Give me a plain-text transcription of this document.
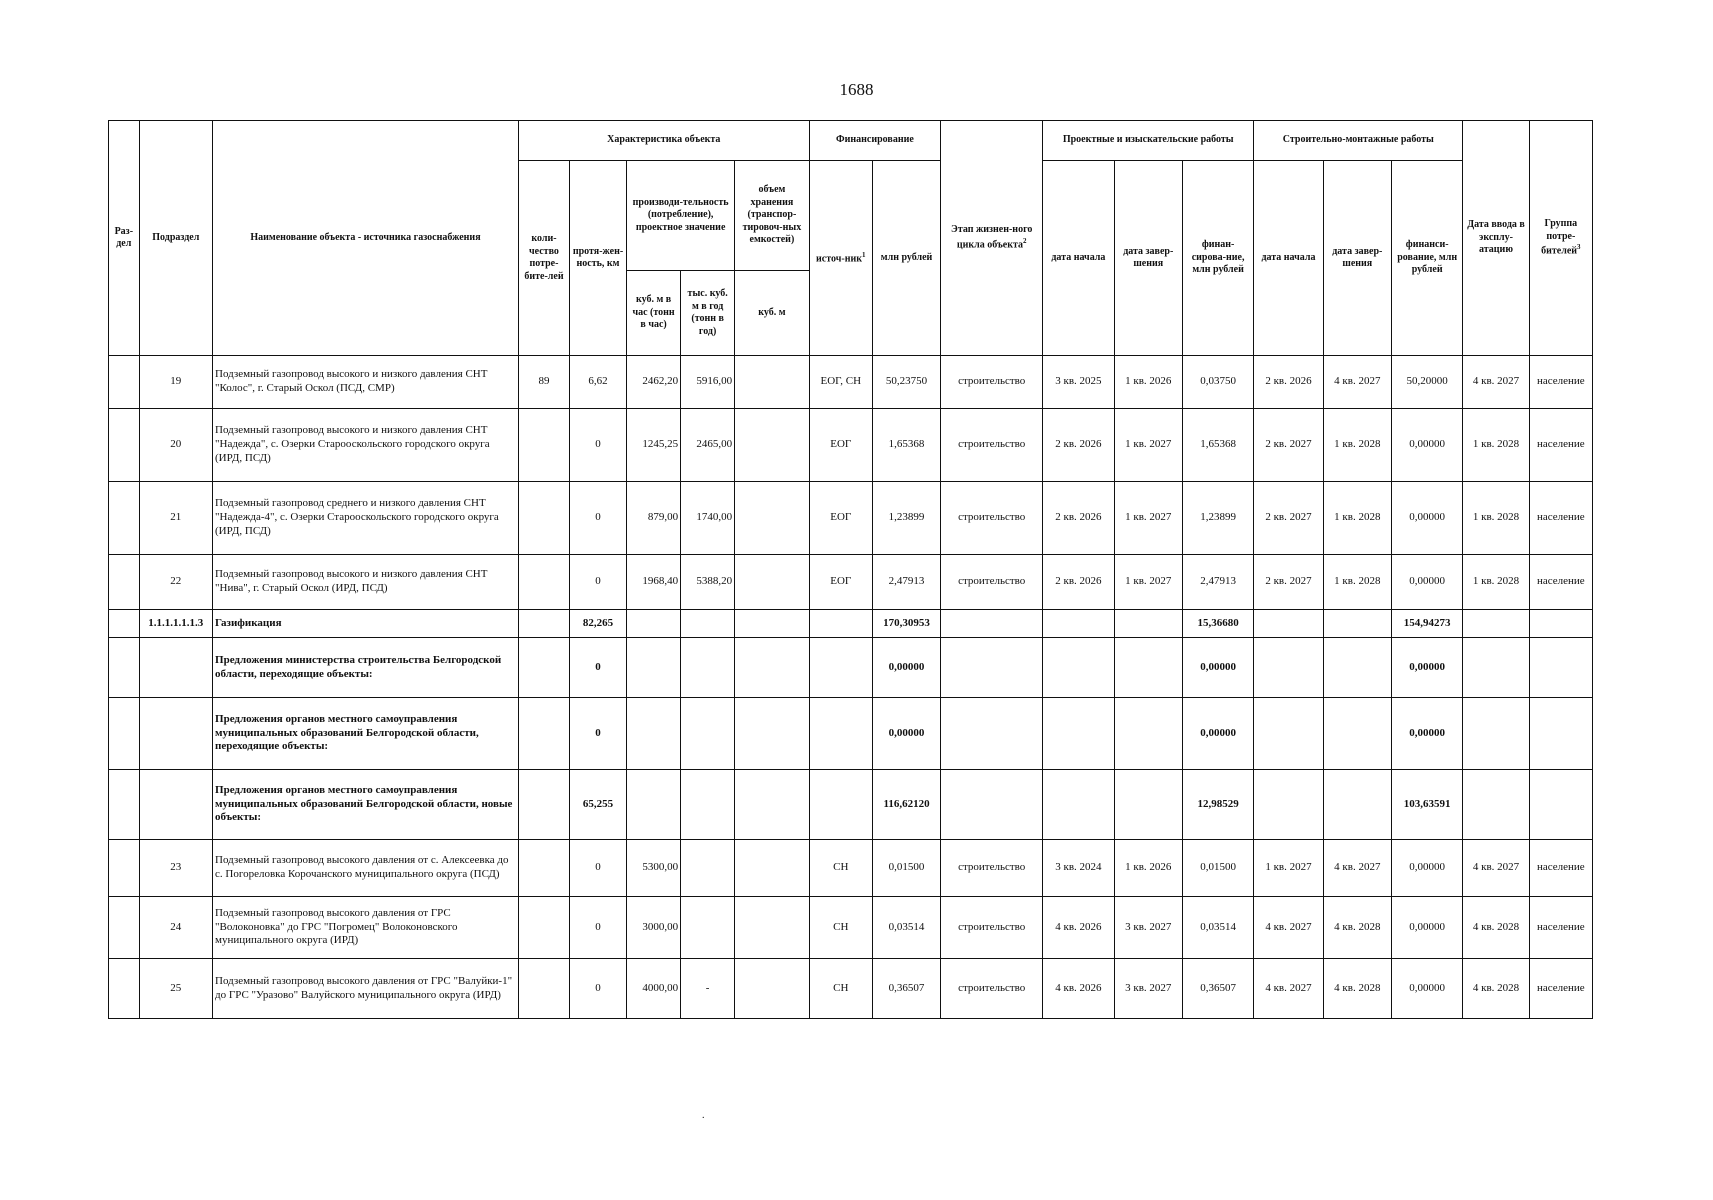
1688
Раз-дел	Подраздел	Наименование объекта - источника газоснабжения	Характеристика объекта					Финансирование		Этап жизнен-ного цикла объекта$^2$	Проектные и изыскательские работы			Строительно-монтажные работы			Дата ввода в эксплу-атацию	Группа потре-бителей$^3$
			коли-чество потре-бите-лей	протя-жен-ность, км	производи-тельность (потребление), проектное значение		объем хранения (транспор-тировоч-ных емкостей)	источ-ник$^1$	млн рублей		дата начала	дата завер-шения	финан-сирова-ние, млн рублей	дата начала	дата завер-шения	финанси-рование, млн рублей		
					куб. м в час (тонн в час)	тыс. куб. м в год (тонн в год)	куб. м											
	19	Подземный газопровод высокого и низкого давления СНТ "Колос", г. Старый Оскол (ПСД, СМР)	89	6,62	2462,20	5916,00		ЕОГ, СН	50,23750	строительство	3 кв. 2025	1 кв. 2026	0,03750	2 кв. 2026	4 кв. 2027	50,20000	4 кв. 2027	население
	20	Подземный газопровод высокого и низкого давления СНТ "Надежда", с. Озерки Старооскольского городского округа (ИРД, ПСД)		0	1245,25	2465,00		ЕОГ	1,65368	строительство	2 кв. 2026	1 кв. 2027	1,65368	2 кв. 2027	1 кв. 2028	0,00000	1 кв. 2028	население
	21	Подземный газопровод среднего и низкого давления СНТ "Надежда-4", с. Озерки Старооскольского городского округа (ИРД, ПСД)		0	879,00	1740,00		ЕОГ	1,23899	строительство	2 кв. 2026	1 кв. 2027	1,23899	2 кв. 2027	1 кв. 2028	0,00000	1 кв. 2028	население
	22	Подземный газопровод высокого и низкого давления СНТ "Нива", г. Старый Оскол (ИРД, ПСД)		0	1968,40	5388,20		ЕОГ	2,47913	строительство	2 кв. 2026	1 кв. 2027	2,47913	2 кв. 2027	1 кв. 2028	0,00000	1 кв. 2028	население
	1.1.1.1.1.1.3	Газификация		82,265					170,30953				15,36680			154,94273		
		Предложения министерства строительства Белгородской области, переходящие объекты:		0					0,00000				0,00000			0,00000		
		Предложения органов местного самоуправления муниципальных образований Белгородской области, переходящие объекты:		0					0,00000				0,00000			0,00000		
		Предложения органов местного самоуправления муниципальных образований Белгородской области, новые объекты:		65,255					116,62120				12,98529			103,63591		
	23	Подземный газопровод высокого давления от с. Алексеевка до с. Погореловка Корочанского муниципального округа (ПСД)		0	5300,00			СН	0,01500	строительство	3 кв. 2024	1 кв. 2026	0,01500	1 кв. 2027	4 кв. 2027	0,00000	4 кв. 2027	население
	24	Подземный газопровод высокого давления от ГРС "Волоконовка" до ГРС "Погромец" Волоконовского муниципального округа (ИРД)		0	3000,00			СН	0,03514	строительство	4 кв. 2026	3 кв. 2027	0,03514	4 кв. 2027	4 кв. 2028	0,00000	4 кв. 2028	население
	25	Подземный газопровод высокого давления от ГРС "Валуйки-1" до ГРС "Уразово" Валуйского муниципального округа (ИРД)		0	4000,00	-		СН	0,36507	строительство	4 кв. 2026	3 кв. 2027	0,36507	4 кв. 2027	4 кв. 2028	0,00000	4 кв. 2028	население
.
